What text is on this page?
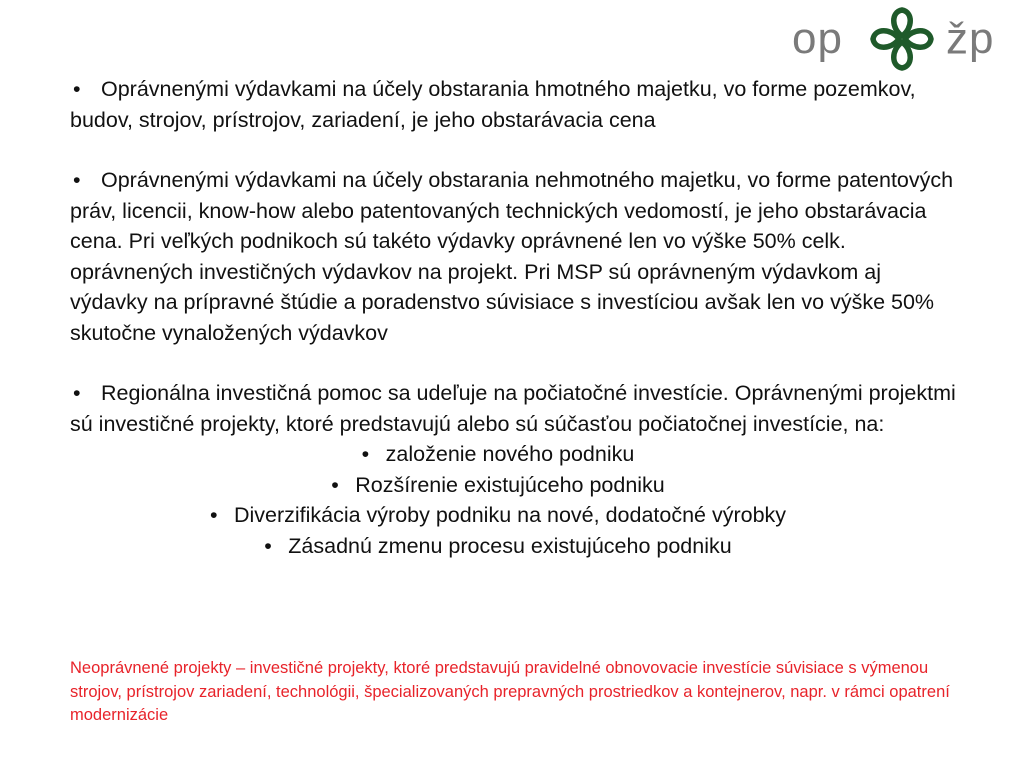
op žp

• Oprávnenými výdavkami na účely obstarania hmotného majetku, vo forme pozemkov, budov, strojov, prístrojov, zariadení, je jeho obstarávacia cena

• Oprávnenými výdavkami na účely obstarania nehmotného majetku, vo forme patentových práv, licencii, know-how alebo patentovaných technických vedomostí, je jeho obstarávacia cena. Pri veľkých podnikoch sú takéto výdavky oprávnené len vo výške 50% celk. oprávnených investičných výdavkov na projekt. Pri MSP sú oprávneným výdavkom aj výdavky na prípravné štúdie a poradenstvo súvisiace s investíciou avšak len vo výške 50% skutočne vynaložených výdavkov

• Regionálna investičná pomoc sa udeľuje na počiatočné investície. Oprávnenými projektmi sú investičné projekty, ktoré predstavujú alebo sú súčasťou počiatočnej investície, na:

• založenie nového podniku
• Rozšírenie existujúceho podniku
• Diverzifikácia výroby podniku na nové, dodatočné výrobky
• Zásadnú zmenu procesu existujúceho podniku

Neoprávnené projekty – investičné projekty, ktoré predstavujú pravidelné obnovovacie investície súvisiace s výmenou strojov, prístrojov zariadení, technológii, špecializovaných prepravných prostriedkov a kontejnerov, napr. v rámci opatrení modernizácie
